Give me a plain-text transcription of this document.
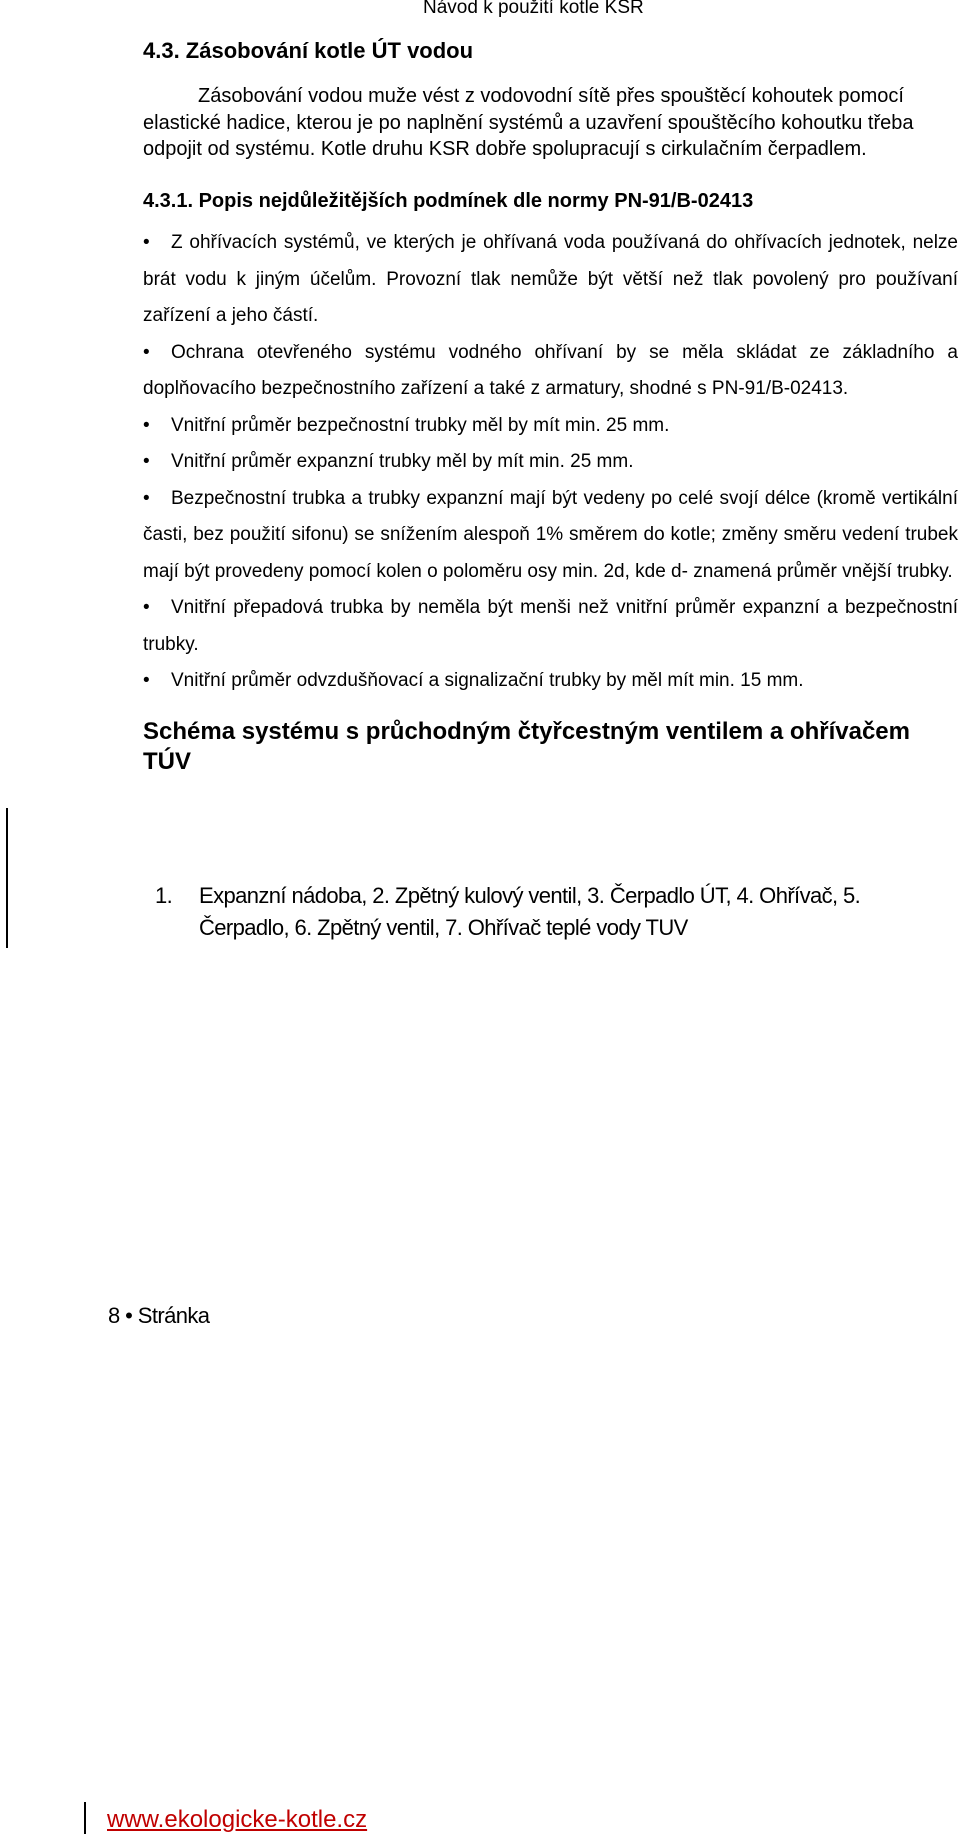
Návod k použití kotle KSR
4.3. Zásobování kotle ÚT vodou
Zásobování vodou muže vést z vodovodní sítě přes spouštěcí kohoutek pomocí
elastické hadice, kterou je po naplnění systémů a uzavření spouštěcího kohoutku třeba
odpojit od systému. Kotle druhu KSR dobře spolupracují s cirkulačním čerpadlem.
4.3.1. Popis nejdůležitějších podmínek dle normy PN-91/B-02413

• Z ohřívacích systémů, ve kterých je ohřívaná voda používaná do ohřívacích jednotek, nelze brát vodu k jiným účelům. Provozní tlak nemůže být větší než tlak povolený pro používaní zařízení a jeho částí.

• Ochrana otevřeného systému vodného ohřívaní by se měla skládat ze základního a doplňovacího bezpečnostního zařízení a také z armatury, shodné s PN-91/B-02413.

• Vnitřní průměr bezpečnostní trubky měl by mít min. 25 mm.

• Vnitřní průměr expanzní trubky měl by mít min. 25 mm.

• Bezpečnostní trubka a trubky expanzní mají být vedeny po celé svojí délce (kromě vertikální časti, bez použití sifonu) se snížením alespoň 1% směrem do kotle; změny směru vedení trubek mají být provedeny pomocí kolen o poloměru osy min. 2d, kde d- znamená průměr vnější trubky.

• Vnitřní přepadová trubka by neměla být menši než vnitřní průměr expanzní a bezpečnostní trubky.

• Vnitřní průměr odvzdušňovací a signalizační trubky by měl mít min. 15 mm.

Schéma systému s průchodným čtyřcestným ventilem a ohřívačem TÚV
1. Expanzní nádoba, 2. Zpětný kulový ventil, 3. Čerpadlo ÚT, 4. Ohřívač, 5.
Čerpadlo, 6. Zpětný ventil, 7. Ohřívač teplé vody TUV
8 • Stránka
www.ekologicke-kotle.cz
